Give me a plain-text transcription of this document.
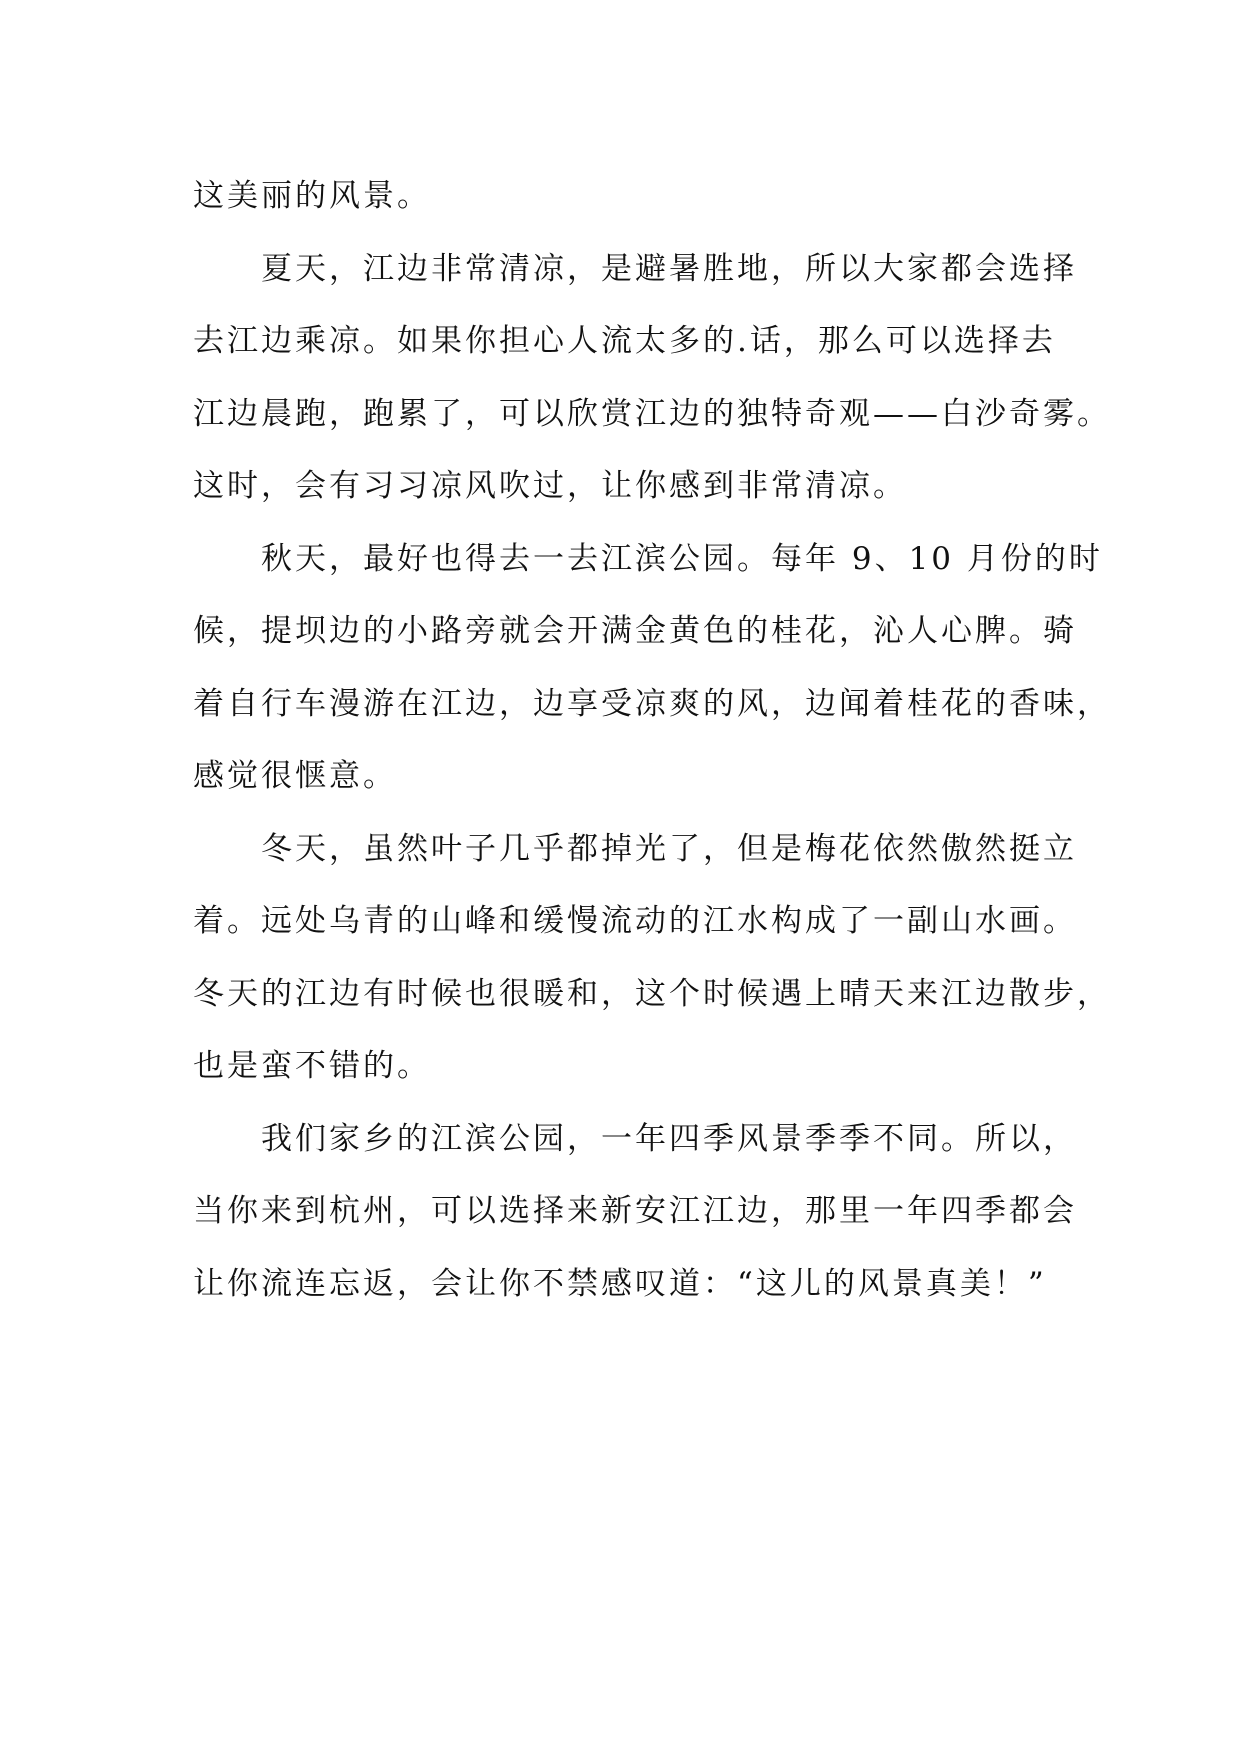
这美丽的风景。
夏天，江边非常清凉，是避暑胜地，所以大家都会选择
去江边乘凉。如果你担心人流太多的.话，那么可以选择去
江边晨跑，跑累了，可以欣赏江边的独特奇观——白沙奇雾。
这时，会有习习凉风吹过，让你感到非常清凉。
秋天，最好也得去一去江滨公园。每年 9、10 月份的时
候，提坝边的小路旁就会开满金黄色的桂花，沁人心脾。骑
着自行车漫游在江边，边享受凉爽的风，边闻着桂花的香味，
感觉很惬意。
冬天，虽然叶子几乎都掉光了，但是梅花依然傲然挺立
着。远处乌青的山峰和缓慢流动的江水构成了一副山水画。
冬天的江边有时候也很暖和，这个时候遇上晴天来江边散步，
也是蛮不错的。
我们家乡的江滨公园，一年四季风景季季不同。所以，
当你来到杭州，可以选择来新安江江边，那里一年四季都会
让你流连忘返，会让你不禁感叹道：“这儿的风景真美！”
